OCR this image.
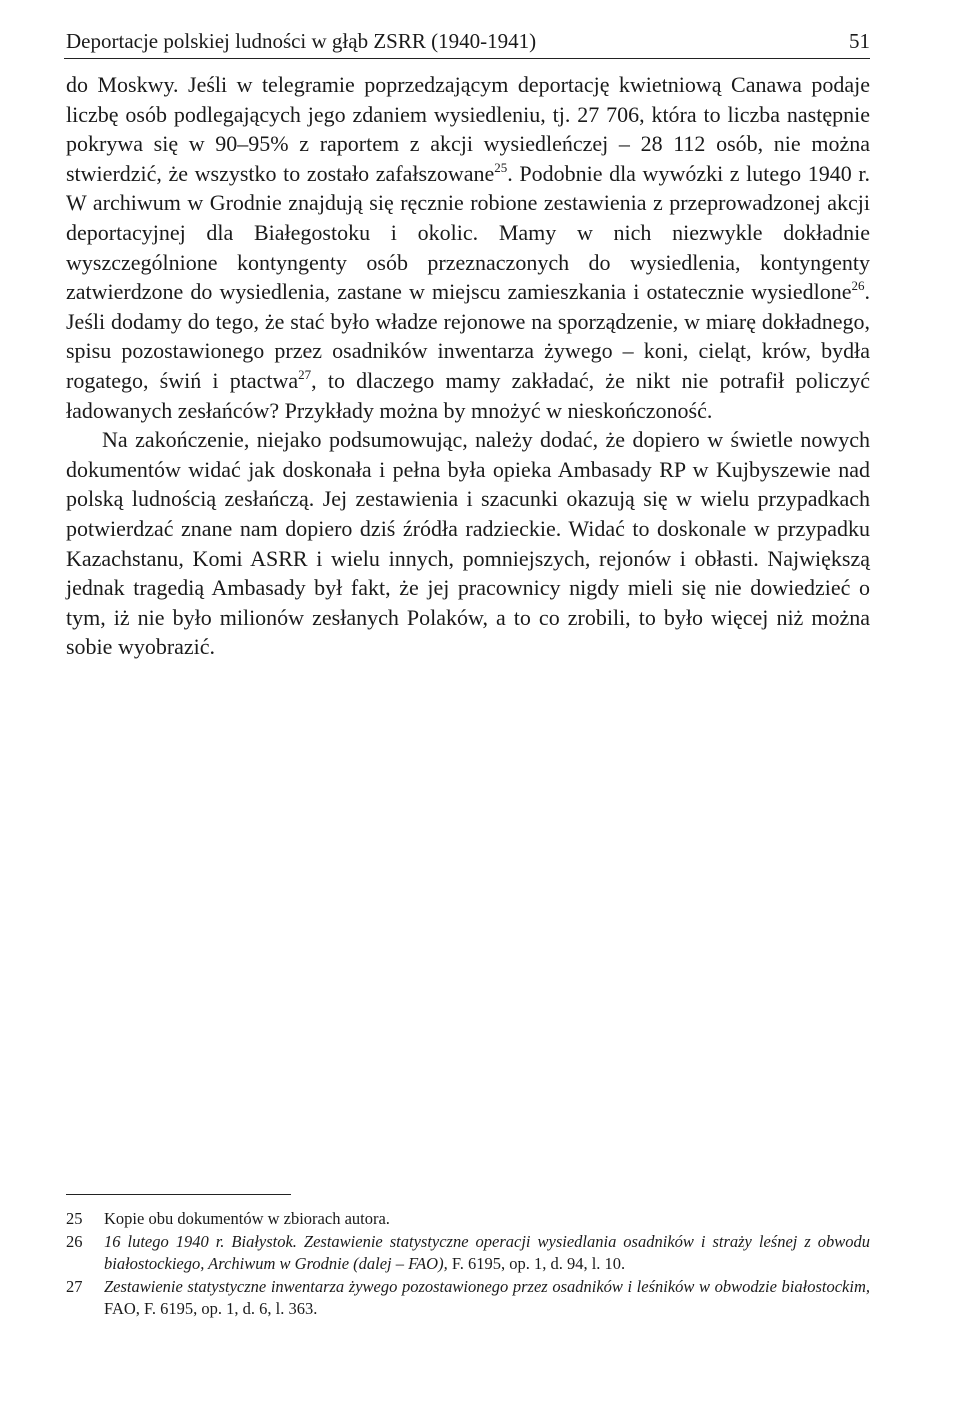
Deportacje polskiej ludności w głąb ZSRR (1940-1941)	51

do Moskwy. Jeśli w telegramie poprzedzającym deportację kwietniową Canawa podaje liczbę osób podlegających jego zdaniem wysiedleniu, tj. 27 706, która to liczba następnie pokrywa się w 90–95% z raportem z akcji wysiedleńczej – 28 112 osób, nie można stwierdzić, że wszystko to zostało zafałszowane$^{25}$. Podobnie dla wywózki z lutego 1940 r. W archiwum w Grodnie znajdują się ręcznie robione zestawienia z przeprowadzonej akcji deportacyjnej dla Białegostoku i okolic. Mamy w nich niezwykle dokładnie wyszczególnione kontyngenty osób przeznaczonych do wysiedlenia, kontyngenty zatwierdzone do wysiedlenia, zastane w miejscu zamieszkania i ostatecznie wysiedlone$^{26}$. Jeśli dodamy do tego, że stać było władze rejonowe na sporządzenie, w miarę dokładnego, spisu pozostawionego przez osadników inwentarza żywego – koni, cieląt, krów, bydła rogatego, świń i ptactwa$^{27}$, to dlaczego mamy zakładać, że nikt nie potrafił policzyć ładowanych zesłańców? Przykłady można by mnożyć w nieskończoność.

Na zakończenie, niejako podsumowując, należy dodać, że dopiero w świetle nowych dokumentów widać jak doskonała i pełna była opieka Ambasady RP w Kujbyszewie nad polską ludnością zesłańczą. Jej zestawienia i szacunki okazują się w wielu przypadkach potwierdzać znane nam dopiero dziś źródła radzieckie. Widać to doskonale w przypadku Kazachstanu, Komi ASRR i wielu innych, pomniejszych, rejonów i obłasti. Największą jednak tragedią Ambasady był fakt, że jej pracownicy nigdy mieli się nie dowiedzieć o tym, iż nie było milionów zesłanych Polaków, a to co zrobili, to było więcej niż można sobie wyobrazić.

25	Kopie obu dokumentów w zbiorach autora.
26	16 lutego 1940 r. Białystok. Zestawienie statystyczne operacji wysiedlania osadników i straży leśnej z obwodu białostockiego, Archiwum w Grodnie (dalej – FAO), F. 6195, op. 1, d. 94, l. 10.
27	Zestawienie statystyczne inwentarza żywego pozostawionego przez osadników i leśników w obwodzie białostockim, FAO, F. 6195, op. 1, d. 6, l. 363.
